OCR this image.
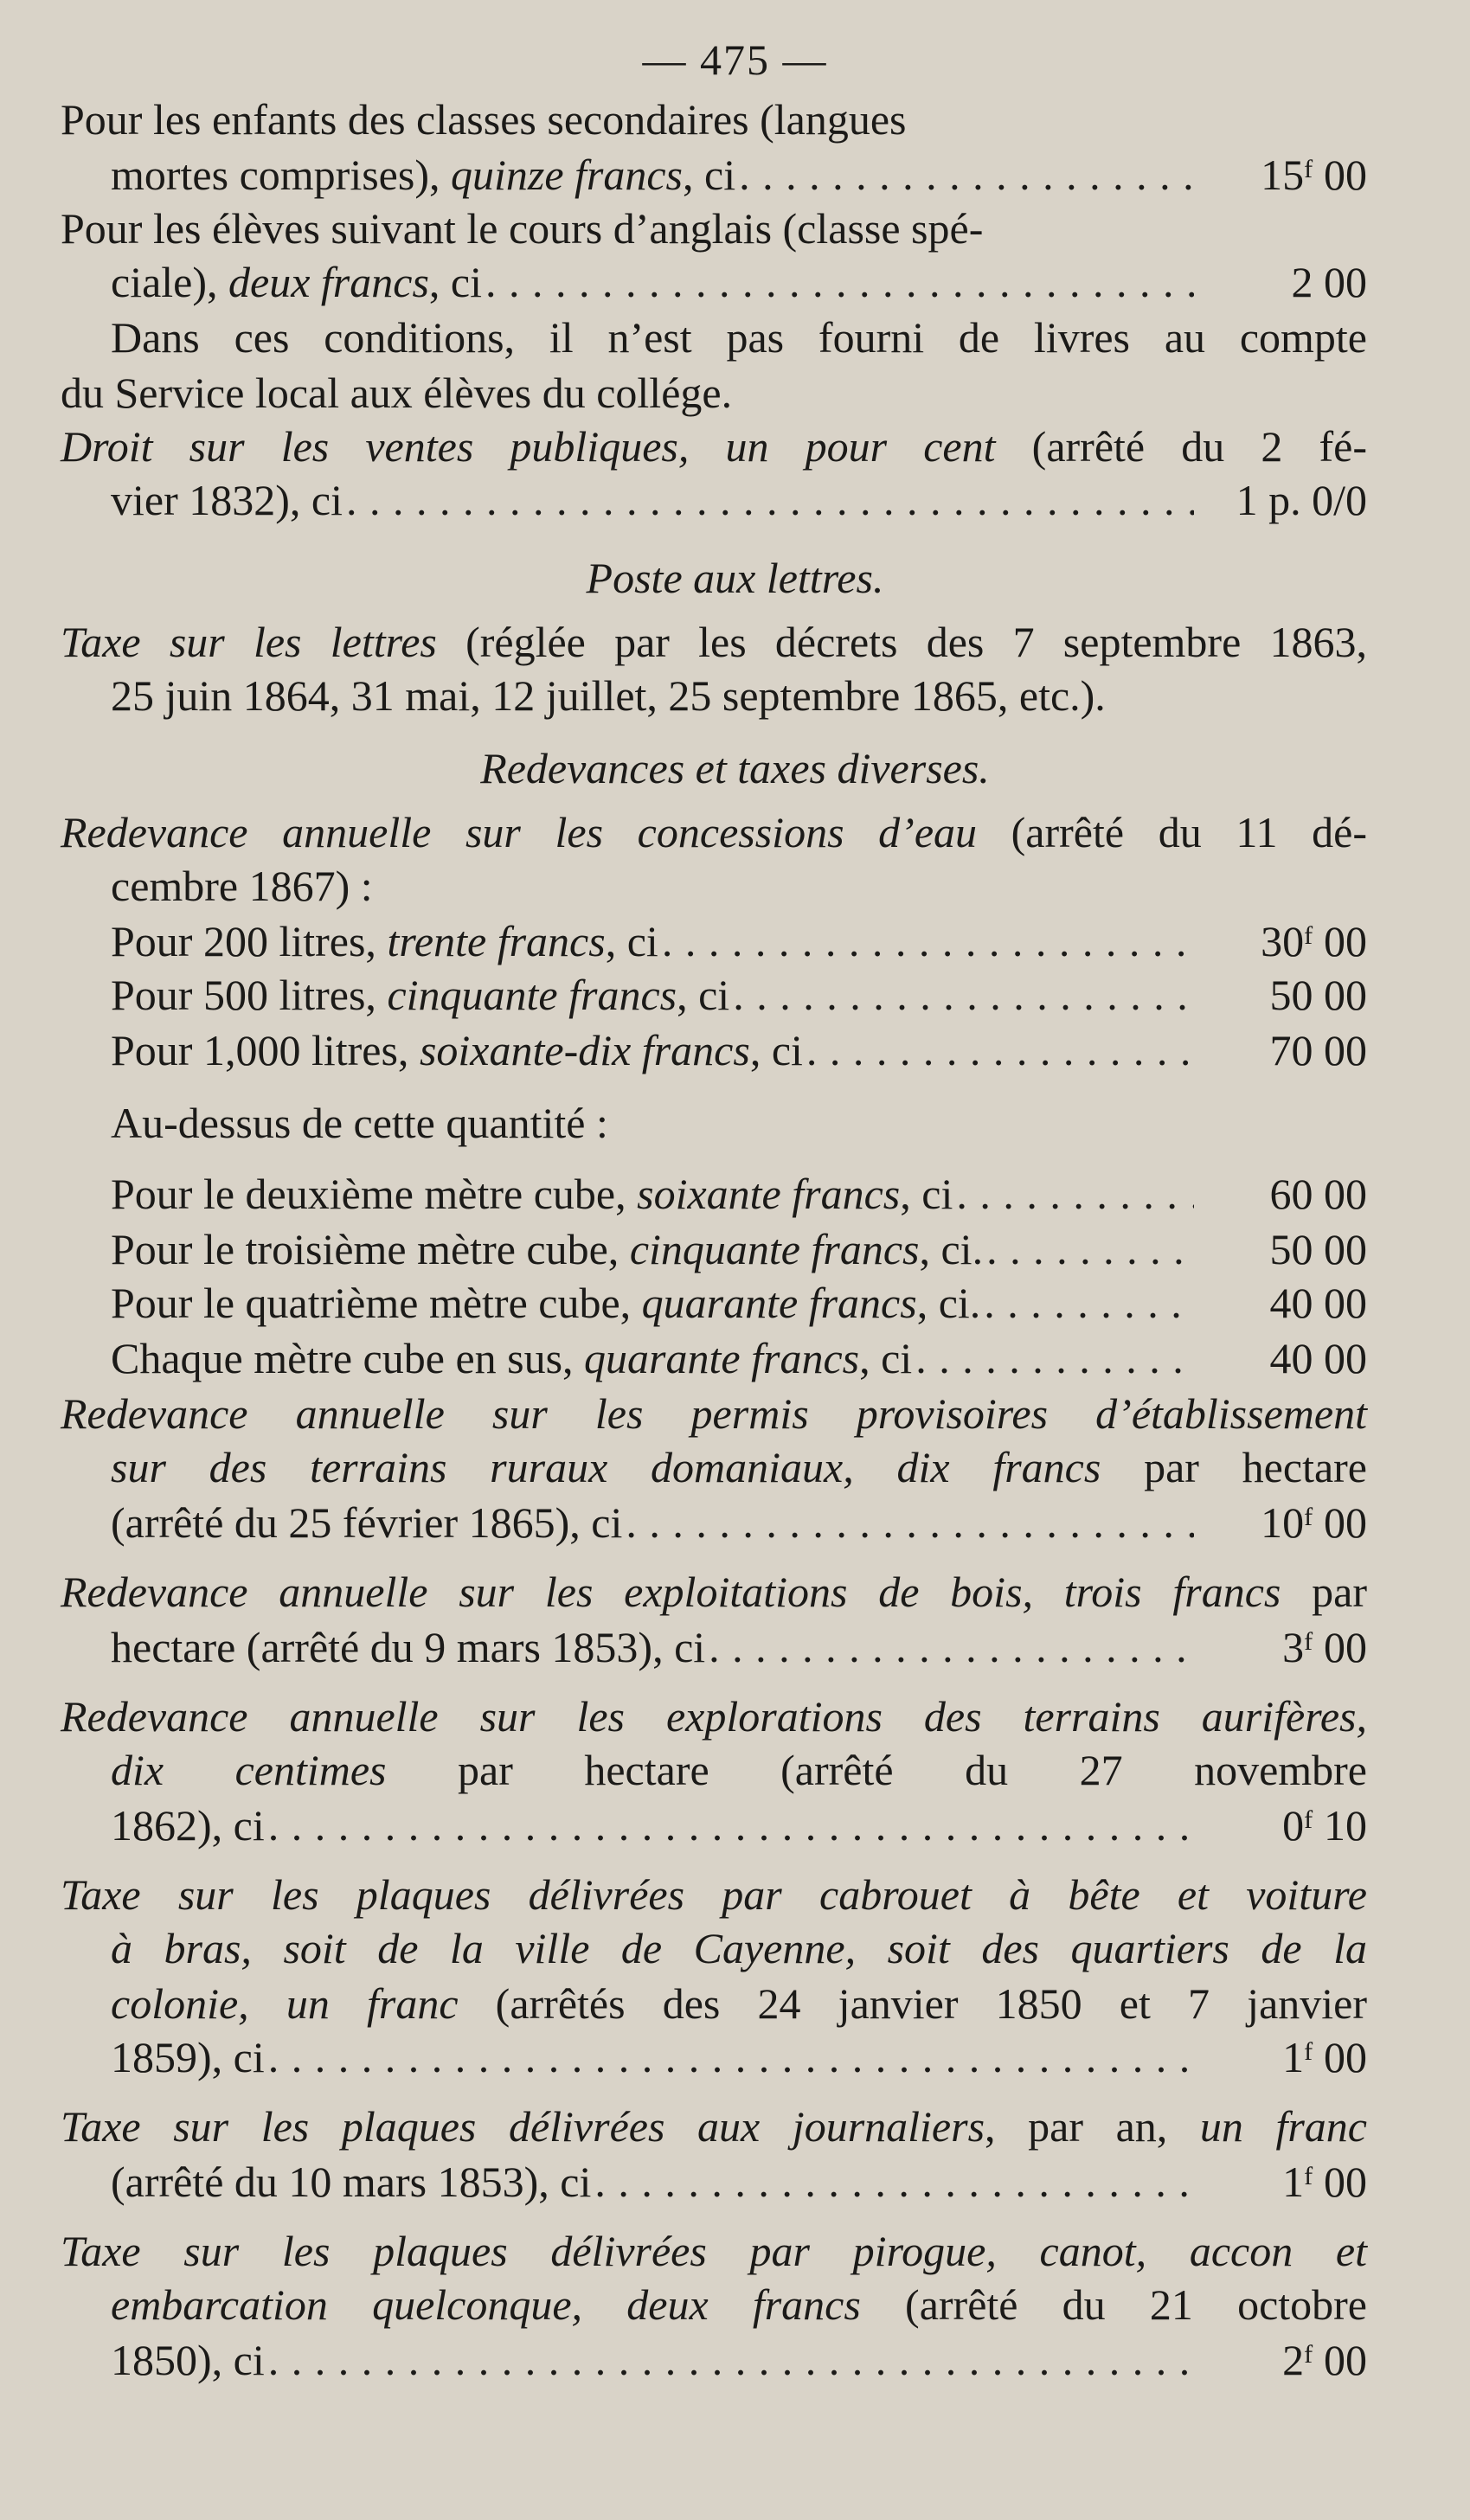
— 475 —
Pour les enfants des classes secondaires (langues
mortes comprises), quinze francs, ci . . .	15ᶠ 00
Pour les élèves suivant le cours d’anglais (classe spé-
ciale), deux francs, ci . . .	2 00
Dans ces conditions, il n’est pas fourni de livres au compte
du Service local aux élèves du collége.
Droit sur les ventes publiques, un pour cent (arrêté du 2 fé-
vier 1832), ci . . .	1 p. 0/0
Poste aux lettres.
Taxe sur les lettres (réglée par les décrets des 7 septembre 1863,
25 juin 1864, 31 mai, 12 juillet, 25 septembre 1865, etc.).
Redevances et taxes diverses.
Redevance annuelle sur les concessions d’eau (arrêté du 11 dé-
cembre 1867) :
Pour 200 litres, trente francs, ci . . .	30ᶠ 00
Pour 500 litres, cinquante francs, ci . . .	50 00
Pour 1,000 litres, soixante-dix francs, ci . . .	70 00
Au-dessus de cette quantité :
Pour le deuxième mètre cube, soixante francs, ci . . .	60 00
Pour le troisième mètre cube, cinquante francs, ci. . . .	50 00
Pour le quatrième mètre cube, quarante francs, ci. . . .	40 00
Chaque mètre cube en sus, quarante francs, ci . . .	40 00
Redevance annuelle sur les permis provisoires d’établissement
sur des terrains ruraux domaniaux, dix francs par hectare
(arrêté du 25 février 1865), ci . . .	10ᶠ 00
Redevance annuelle sur les exploitations de bois, trois francs par
hectare (arrêté du 9 mars 1853), ci . . .	3ᶠ 00
Redevance annuelle sur les explorations des terrains aurifères,
dix centimes par hectare (arrêté du 27 novembre
1862), ci . . .	0ᶠ 10
Taxe sur les plaques délivrées par cabrouet à bête et voiture
à bras, soit de la ville de Cayenne, soit des quartiers de la
colonie, un franc (arrêtés des 24 janvier 1850 et 7 janvier
1859), ci . . .	1ᶠ 00
Taxe sur les plaques délivrées aux journaliers, par an, un franc
(arrêté du 10 mars 1853), ci . . .	1ᶠ 00
Taxe sur les plaques délivrées par pirogue, canot, accon et
embarcation quelconque, deux francs (arrêté du 21 octobre
1850), ci . . .	2ᶠ 00
